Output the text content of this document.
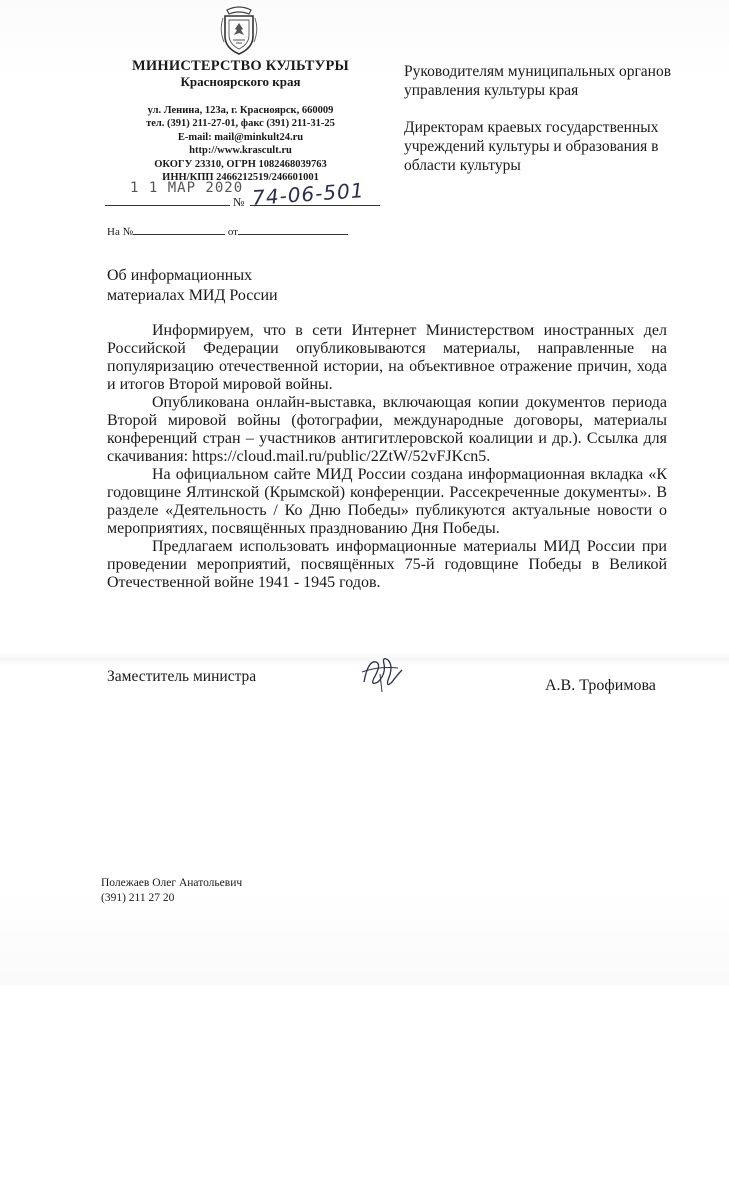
МИНИСТЕРСТВО КУЛЬТУРЫ
Красноярского края
ул. Ленина, 123а, г. Красноярск, 660009
тел. (391) 211-27-01, факс (391) 211-31-25
E-mail: mail@minkult24.ru
http://www.krascult.ru
ОКОГУ 23310, ОГРН 1082468039763
ИНН/КПП 2466212519/246601001
1 1 МАР 2020
№ 74-06-501
На №	от
Руководителям муниципальных органов управления культуры края
Директорам краевых государственных учреждений культуры и образования в области культуры
Об информационных
материалах МИД России

Информируем, что в сети Интернет Министерством иностранных дел Российской Федерации опубликовываются материалы, направленные на популяризацию отечественной истории, на объективное отражение причин, хода и итогов Второй мировой войны.

Опубликована онлайн-выставка, включающая копии документов периода Второй мировой войны (фотографии, международные договоры, материалы конференций стран – участников антигитлеровской коалиции и др.). Ссылка для скачивания: https://cloud.mail.ru/public/2ZtW/52vFJKcn5.

На официальном сайте МИД России создана информационная вкладка «К годовщине Ялтинской (Крымской) конференции. Рассекреченные документы». В разделе «Деятельность / Ко Дню Победы» публикуются актуальные новости о мероприятиях, посвящённых празднованию Дня Победы.

Предлагаем использовать информационные материалы МИД России при проведении мероприятий, посвящённых 75-й годовщине Победы в Великой Отечественной войне 1941 - 1945 годов.

Заместитель министра
А.В. Трофимова
Полежаев Олег Анатольевич
(391) 211 27 20
